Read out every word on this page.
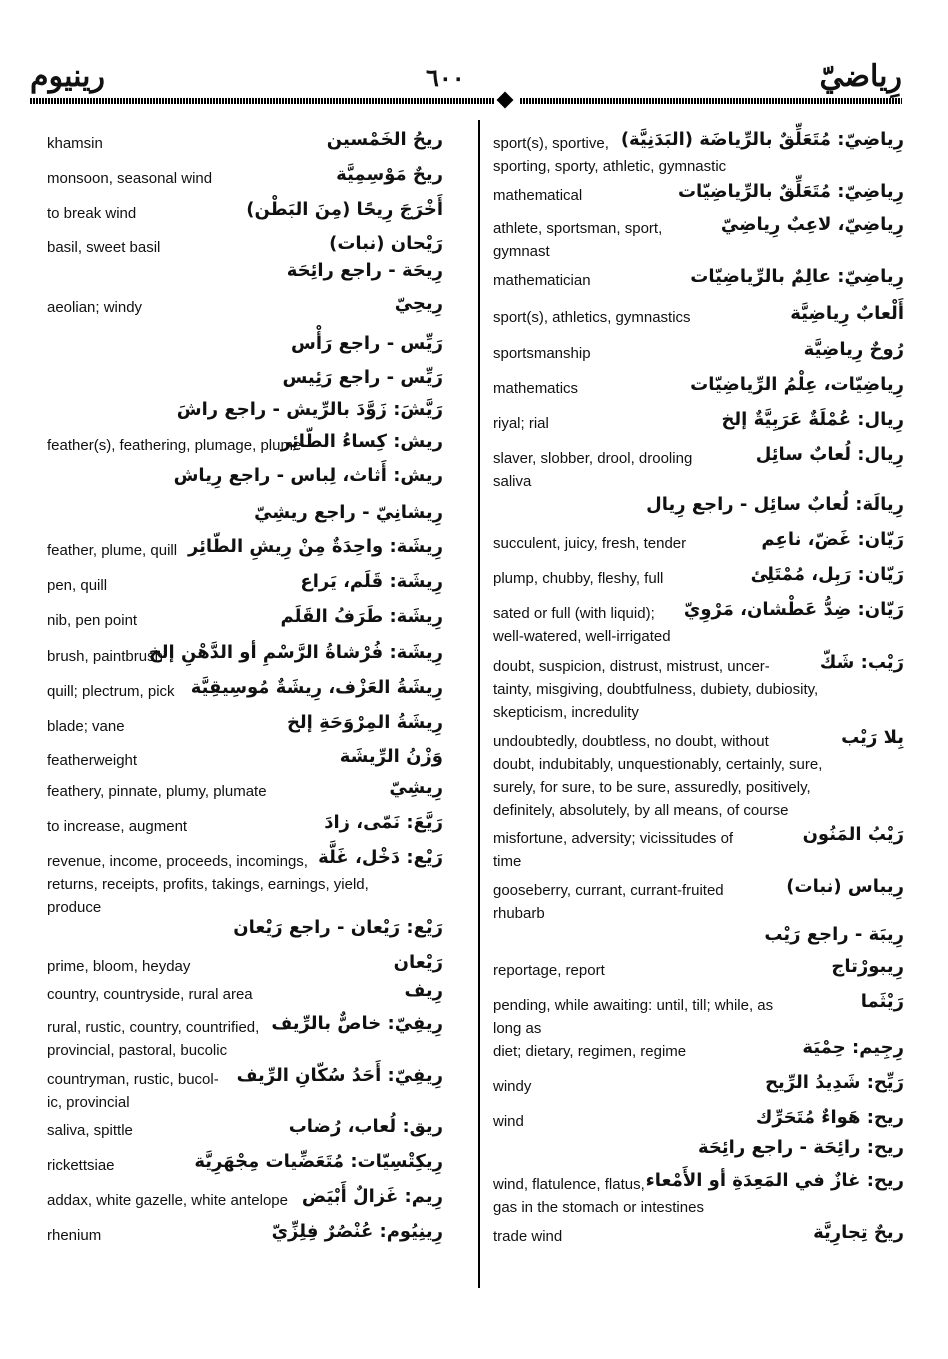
رينيوم	٦٠٠	رِياضيّ
ريحُ الخَمْسين
khamsin
ريحٌ مَوْسِمِيَّة
monsoon, seasonal wind
أَخْرَجَ رِيحًا (مِنَ البَطْن)
to break wind
رَيْحان (نبات)
basil, sweet basil
رِيحَة - راجع رائِحَة
رِيحِيّ
aeolian; windy
رَيِّس - راجع رَأْس
رَيِّس - راجع رَئِيس
رَيَّشَ: زَوَّدَ بالرِّيش - راجع راشَ
ريش: كِساءُ الطّائِر
feather(s), feathering, plumage, plume
ريش: أَثاث، لِباس - راجع رِياش
رِيشانِيّ - راجع ريشِيّ
رِيشَة: واحِدَةٌ مِنْ رِيشِ الطّائِر
feather, plume, quill
رِيشَة: قَلَم، يَراع
pen, quill
رِيشَة: طَرَفُ القَلَم
nib, pen point
رِيشَة: فُرْشاةُ الرَّسْمِ أو الدَّهْنِ إلخ
brush, paintbrush
رِيشَةُ العَزْف، رِيشَةٌ مُوسِيقِيَّة
quill; plectrum, pick
رِيشَةُ المِرْوَحَةِ إلخ
blade; vane
وَزْنُ الرِّيشَة
featherweight
رِيشِيّ
feathery, pinnate, plumy, plumate
رَيَّعَ: نَمّى، زادَ
to increase, augment
رَيْع: دَخْل، غَلَّة
revenue, income, proceeds, incomings,
returns, receipts, profits, takings, earnings, yield,
produce
رَيْع: رَيْعان - راجع رَيْعان
رَيْعان
prime, bloom, heyday
رِيف
country, countryside, rural area
رِيفِيّ: خاصٌّ بالرِّيف
rural, rustic, country, countrified,
provincial, pastoral, bucolic
رِيفِيّ: أَحَدُ سُكّانِ الرِّيف
countryman, rustic, bucol-
ic, provincial
ريق: لُعاب، رُضاب
saliva, spittle
رِيكِتْسِيّات: مُتَعَضِّيات مِجْهَرِيَّة
rickettsiae
رِيم: غَزالٌ أَبْيَض
addax, white gazelle, white antelope
رِينِيُوم: عُنْصُرٌ فِلِزِّيّ
rhenium
رِياضِيّ: مُتَعَلِّقٌ بالرِّياضَة (البَدَنِيَّة)
sport(s), sportive,
sporting, sporty, athletic, gymnastic
رِياضِيّ: مُتَعَلِّقٌ بالرِّياضِيّات
mathematical
رِياضِيّ، لاعِبٌ رِياضِيّ
athlete, sportsman, sport,
gymnast
رِياضِيّ: عالِمٌ بالرِّياضِيّات
mathematician
أَلْعابٌ رِياضِيَّة
sport(s), athletics, gymnastics
رُوحٌ رِياضِيَّة
sportsmanship
رِياضِيّات، عِلْمُ الرِّياضِيّات
mathematics
رِيال: عُمْلَةٌ عَرَبِيَّةٌ إلخ
riyal; rial
رِيال: لُعابٌ سائِل
slaver, slobber, drool, drooling
saliva
رِيالَة: لُعابٌ سائِل - راجع رِيال
رَيّان: غَضّ، ناعِم
succulent, juicy, fresh, tender
رَيّان: رَبِل، مُمْتَلِئ
plump, chubby, fleshy, full
رَيّان: ضِدُّ عَطْشان، مَرْوِيّ
sated or full (with liquid);
well-watered, well-irrigated
رَيْب: شَكّ
doubt, suspicion, distrust, mistrust, uncer-
tainty, misgiving, doubtfulness, dubiety, dubiosity,
skepticism, incredulity
بِلا رَيْب
undoubtedly, doubtless, no doubt, without
doubt, indubitably, unquestionably, certainly, sure,
surely, for sure, to be sure, assuredly, positively,
definitely, absolutely, by all means, of course
رَيْبُ المَنُون
misfortune, adversity; vicissitudes of
time
رِيباس (نبات)
gooseberry, currant, currant-fruited
rhubarb
رِيبَة - راجع رَيْب
رِيبورْتاج
reportage, report
رَيْثَما
pending, while awaiting: until, till; while, as
long as
رِجِيم: حِمْيَة
diet; dietary, regimen, regime
رَيِّح: شَدِيدُ الرِّيح
windy
ريح: هَواءٌ مُتَحَرِّك
wind
ريح: رائِحَة - راجع رائِحَة
ريح: غازٌ في المَعِدَةِ أو الأَمْعاء
wind, flatulence, flatus,
gas in the stomach or intestines
ريحٌ تِجارِيَّة
trade wind
